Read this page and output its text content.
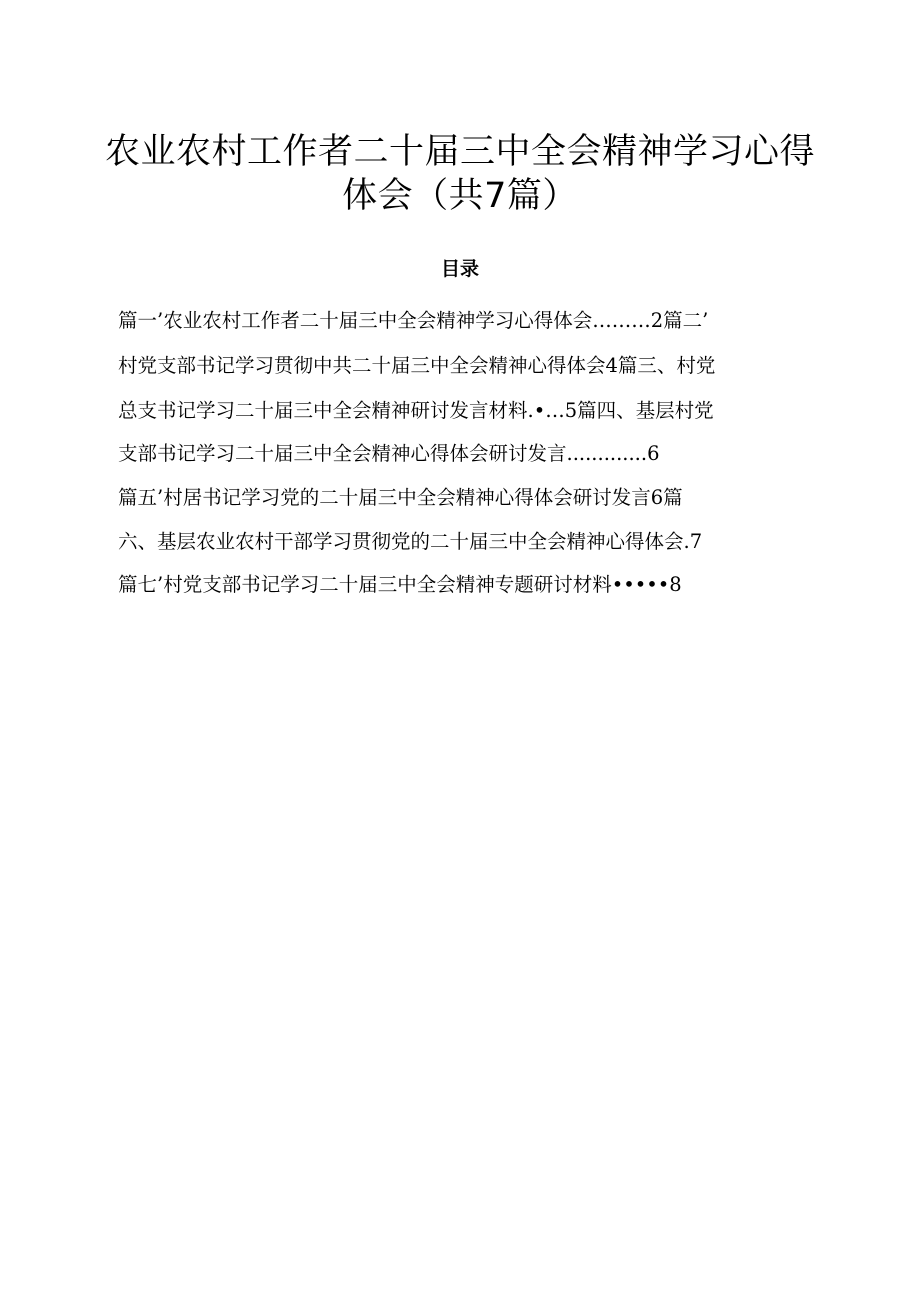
农业农村工作者二十届三中全会精神学习心得
体会（共7篇）
目录

篇一’农业农村工作者二十届三中全会精神学习心得体会………2篇二’

村党支部书记学习贯彻中共二十届三中全会精神心得体会4篇三、村党

总支书记学习二十届三中全会精神研讨发言材料.•…5篇四、基层村党

支部书记学习二十届三中全会精神心得体会研讨发言.............6

篇五’村居书记学习党的二十届三中全会精神心得体会研讨发言6篇

六、基层农业农村干部学习贯彻党的二十届三中全会精神心得体会.7

篇七’村党支部书记学习二十届三中全会精神专题研讨材料•••••8
